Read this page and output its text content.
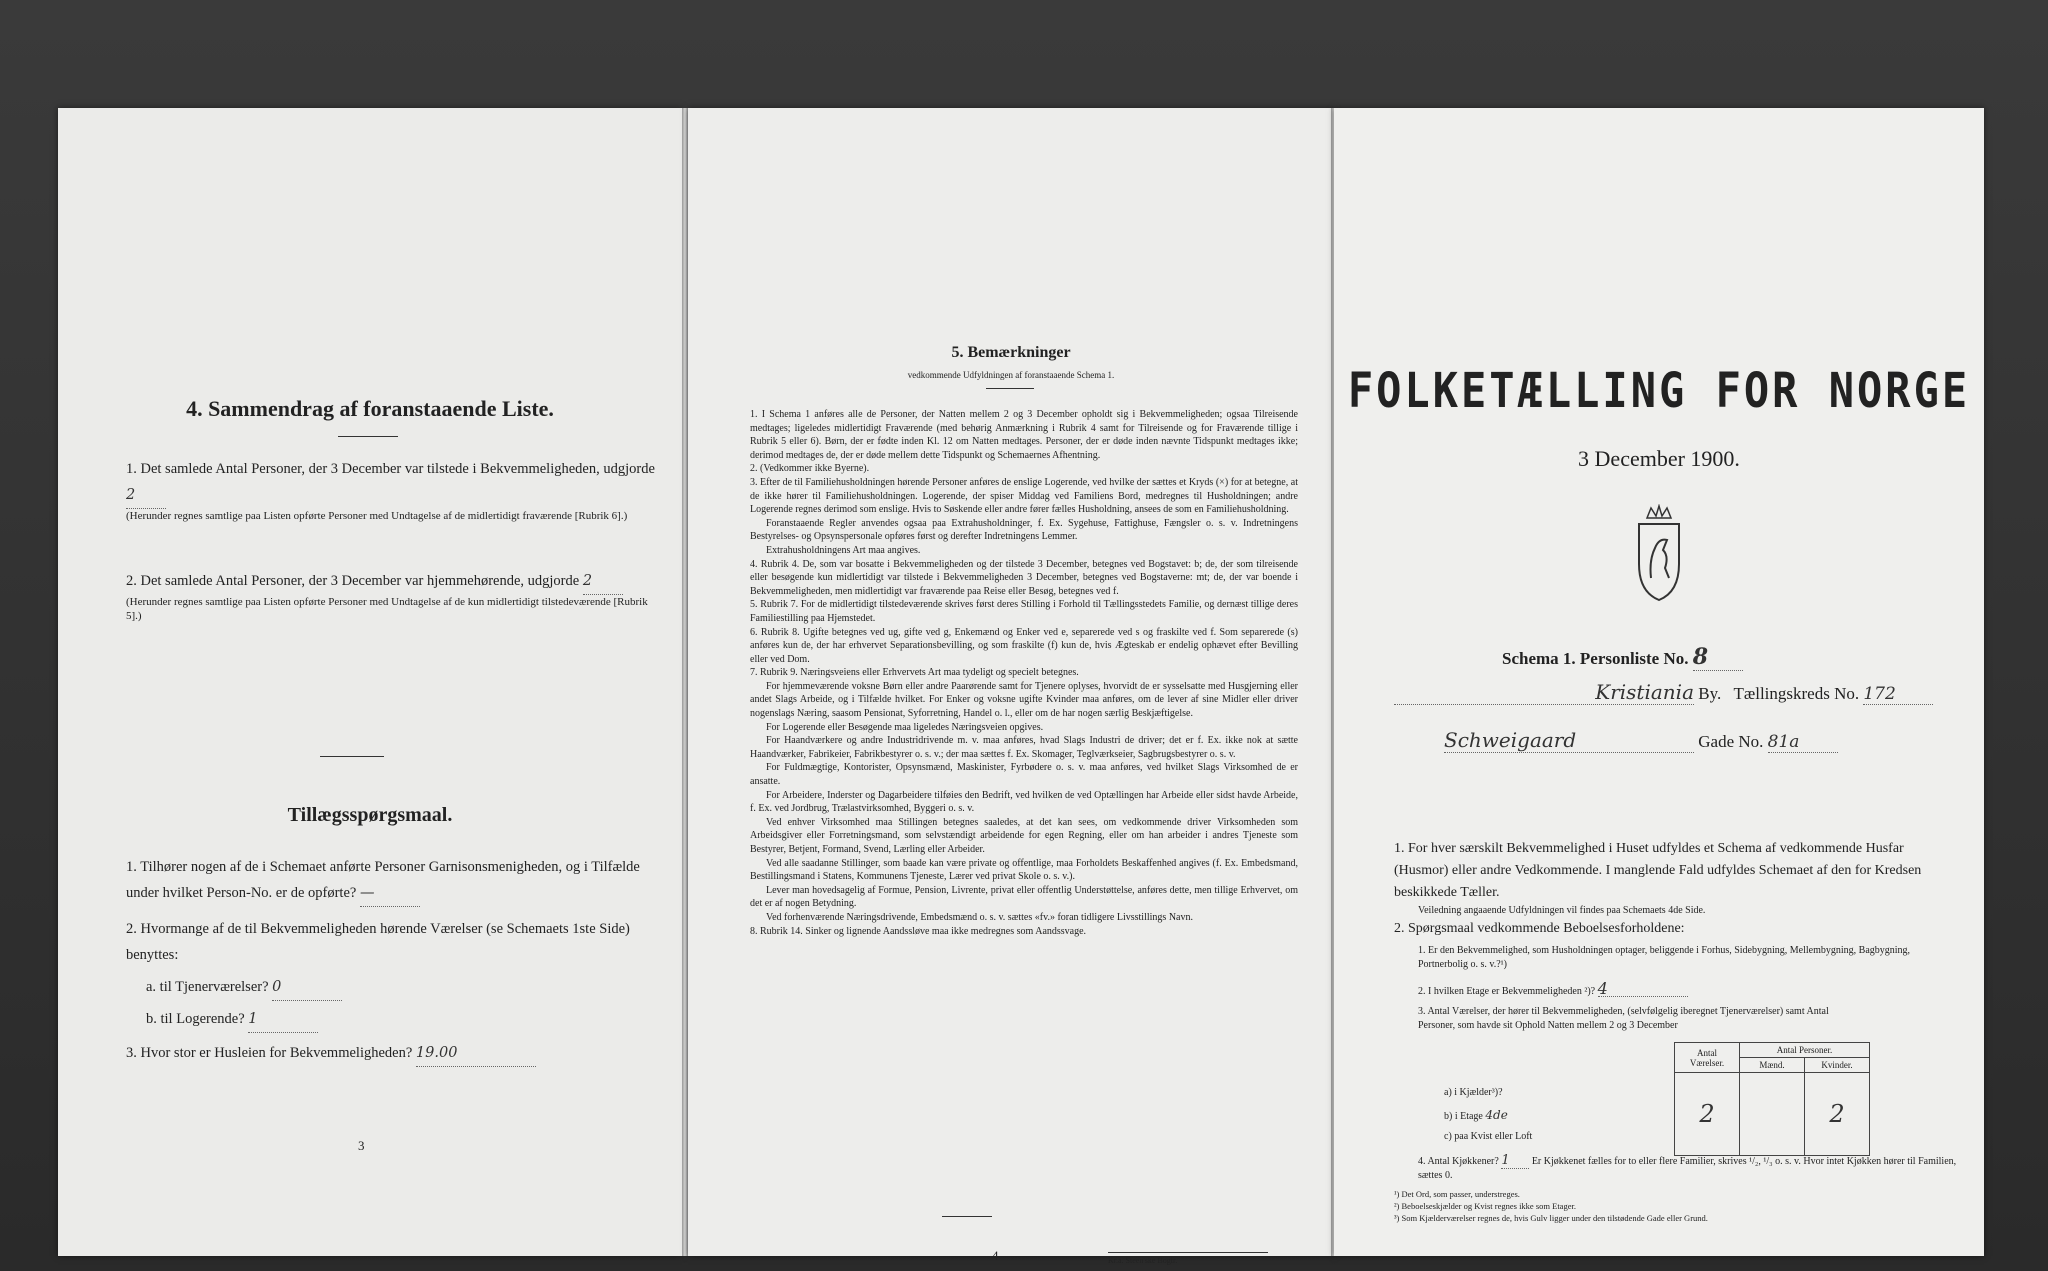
4. Sammendrag af foranstaaende Liste.
1. Det samlede Antal Personer, der 3 December var tilstede i Bekvemmeligheden, udgjorde 2
(Herunder regnes samtlige paa Listen opførte Personer med Undtagelse af de midlertidigt fraværende [Rubrik 6].)
2. Det samlede Antal Personer, der 3 December var hjemmehørende, udgjorde 2
(Herunder regnes samtlige paa Listen opførte Personer med Undtagelse af de kun midlertidigt tilstedeværende [Rubrik 5].)
Tillægsspørgsmaal.
1. Tilhører nogen af de i Schemaet anførte Personer Garnisonsmenigheden, og i Tilfælde under hvilket Person-No. er de opførte? —
2. Hvormange af de til Bekvemmeligheden hørende Værelser (se Schemaets 1ste Side) benyttes:
a. til Tjenerværelser? 0
b. til Logerende? 1
3. Hvor stor er Husleien for Bekvemmeligheden? 19.00
3
5. Bemærkninger
vedkommende Udfyldningen af foranstaaende Schema 1.

1. I Schema 1 anføres alle de Personer, der Natten mellem 2 og 3 December opholdt sig i Bekvemmeligheden; ogsaa Tilreisende medtages; ligeledes midlertidigt Fraværende (med behørig Anmærkning i Rubrik 4 samt for Tilreisende og for Fraværende tillige i Rubrik 5 eller 6). Børn, der er fødte inden Kl. 12 om Natten medtages. Personer, der er døde inden nævnte Tidspunkt medtages ikke; derimod medtages de, der er døde mellem dette Tidspunkt og Schemaernes Afhentning.

2. (Vedkommer ikke Byerne).

3. Efter de til Familiehusholdningen hørende Personer anføres de enslige Logerende, ved hvilke der sættes et Kryds (×) for at betegne, at de ikke hører til Familiehusholdningen. Logerende, der spiser Middag ved Familiens Bord, medregnes til Husholdningen; andre Logerende regnes derimod som enslige. Hvis to Søskende eller andre fører fælles Husholdning, ansees de som en Familiehusholdning.

Foranstaaende Regler anvendes ogsaa paa Extrahusholdninger, f. Ex. Sygehuse, Fattighuse, Fængsler o. s. v. Indretningens Bestyrelses- og Opsynspersonale opføres først og derefter Indretningens Lemmer.

Extrahusholdningens Art maa angives.

4. Rubrik 4. De, som var bosatte i Bekvemmeligheden og der tilstede 3 December, betegnes ved Bogstavet: b; de, der som tilreisende eller besøgende kun midlertidigt var tilstede i Bekvemmeligheden 3 December, betegnes ved Bogstaverne: mt; de, der var boende i Bekvemmeligheden, men midlertidigt var fraværende paa Reise eller Besøg, betegnes ved f.

5. Rubrik 7. For de midlertidigt tilstedeværende skrives først deres Stilling i Forhold til Tællingsstedets Familie, og dernæst tillige deres Familiestilling paa Hjemstedet.

6. Rubrik 8. Ugifte betegnes ved ug, gifte ved g, Enkemænd og Enker ved e, separerede ved s og fraskilte ved f. Som separerede (s) anføres kun de, der har erhvervet Separationsbevilling, og som fraskilte (f) kun de, hvis Ægteskab er endelig ophævet efter Bevilling eller ved Dom.

7. Rubrik 9. Næringsveiens eller Erhvervets Art maa tydeligt og specielt betegnes.

For hjemmeværende voksne Børn eller andre Paarørende samt for Tjenere oplyses, hvorvidt de er sysselsatte med Husgjerning eller andet Slags Arbeide, og i Tilfælde hvilket. For Enker og voksne ugifte Kvinder maa anføres, om de lever af sine Midler eller driver nogenslags Næring, saasom Pensionat, Syforretning, Handel o. l., eller om de har nogen særlig Beskjæftigelse.

For Logerende eller Besøgende maa ligeledes Næringsveien opgives.

For Haandværkere og andre Industridrivende m. v. maa anføres, hvad Slags Industri de driver; det er f. Ex. ikke nok at sætte Haandværker, Fabrikeier, Fabrikbestyrer o. s. v.; der maa sættes f. Ex. Skomager, Teglværkseier, Sagbrugsbestyrer o. s. v.

For Fuldmægtige, Kontorister, Opsynsmænd, Maskinister, Fyrbødere o. s. v. maa anføres, ved hvilket Slags Virksomhed de er ansatte.

For Arbeidere, Inderster og Dagarbeidere tilføies den Bedrift, ved hvilken de ved Optællingen har Arbeide eller sidst havde Arbeide, f. Ex. ved Jordbrug, Trælastvirksomhed, Byggeri o. s. v.

Ved enhver Virksomhed maa Stillingen betegnes saaledes, at det kan sees, om vedkommende driver Virksomheden som Arbeidsgiver eller Forretningsmand, som selvstændigt arbeidende for egen Regning, eller om han arbeider i andres Tjeneste som Bestyrer, Betjent, Formand, Svend, Lærling eller Arbeider.

Ved alle saadanne Stillinger, som baade kan være private og offentlige, maa Forholdets Beskaffenhed angives (f. Ex. Embedsmand, Bestillingsmand i Statens, Kommunens Tjeneste, Lærer ved privat Skole o. s. v.).

Lever man hovedsagelig af Formue, Pension, Livrente, privat eller offentlig Understøttelse, anføres dette, men tillige Erhvervet, om det er af nogen Betydning.

Ved forhenværende Næringsdrivende, Embedsmænd o. s. v. sættes «fv.» foran tidligere Livsstillings Navn.

8. Rubrik 14. Sinker og lignende Aandssløve maa ikke medregnes som Aandssvage.

4	Kr.a. Steen'ske Bogtr.
FOLKETÆLLING FOR NORGE
3 December 1900.
Schema 1. Personliste No. 8
Kristiania By. Tællingskreds No. 172
Schweigaard	Gade No. 81a
1. For hver særskilt Bekvemmelighed i Huset udfyldes et Schema af vedkommende Husfar (Husmor) eller andre Vedkommende. I manglende Fald udfyldes Schemaet af den for Kredsen beskikkede Tæller.
Veiledning angaaende Udfyldningen vil findes paa Schemaets 4de Side.
2. Spørgsmaal vedkommende Beboelsesforholdene:
1. Er den Bekvemmelighed, som Husholdningen optager, beliggende i Forhus, Sidebygning, Mellembygning, Bagbygning, Portnerbolig o. s. v.?¹)
2. I hvilken Etage er Bekvemmeligheden ²)? 4
3. Antal Værelser, der hører til Bekvemmeligheden, (selvfølgelig iberegnet Tjenerværelser) samt Antal Personer, som havde sit Ophold Natten mellem 2 og 3 December
Antal Værelser.	Antal Personer.	
	Mænd.	Kvinder.
2		2
a) i Kjælder³)?
b) i Etage 4de
c) paa Kvist eller Loft
4. Antal Kjøkkener? 1 Er Kjøkkenet fælles for to eller flere Familier, skrives ¹/₂, ¹/₃ o. s. v. Hvor intet Kjøkken hører til Familien, sættes 0.
¹) Det Ord, som passer, understreges.
²) Beboelseskjælder og Kvist regnes ikke som Etager.
³) Som Kjælderværelser regnes de, hvis Gulv ligger under den tilstødende Gade eller Grund.
